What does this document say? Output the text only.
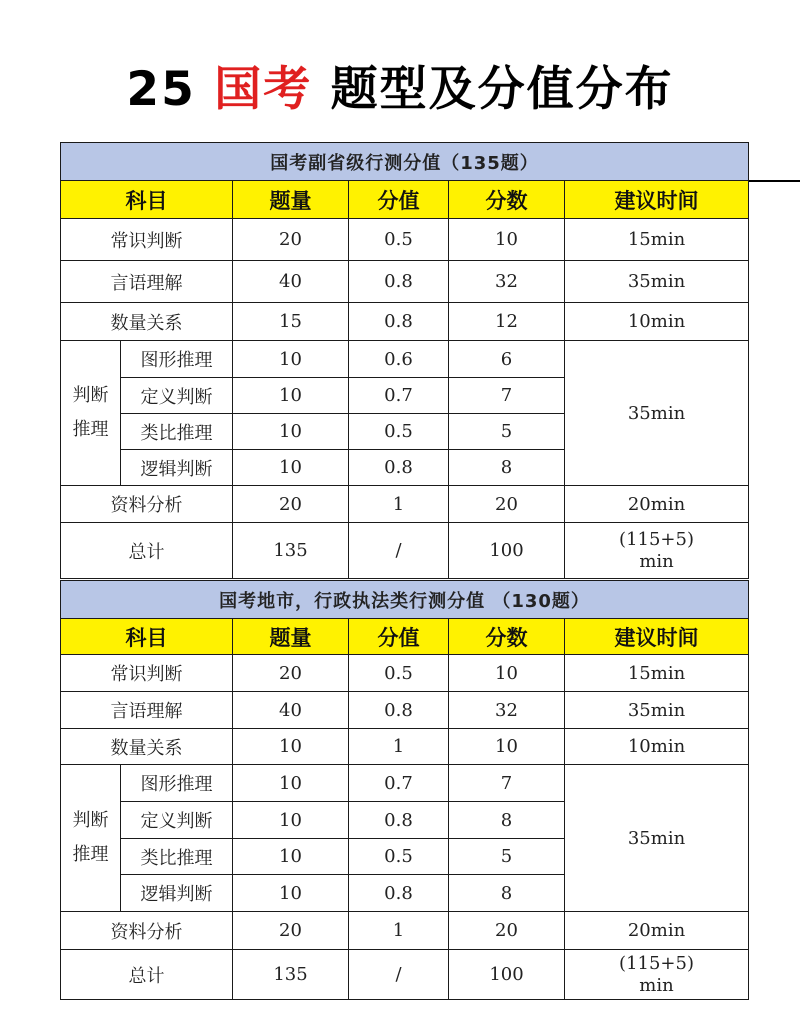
25 国考 题型及分值分布
国考副省级行测分值（135题）					
科目		题量	分值	分数	建议时间
常识判断		20	0.5	10	15min
言语理解		40	0.8	32	35min
数量关系		15	0.8	12	10min

判断
推理	图形推理	10	0.6	6	35min
	定义判断	10	0.7	7	
	类比推理	10	0.5	5	
	逻辑判断	10	0.8	8	
资料分析		20	1	20	20min
总计		135	/	100	(115+5)
min
国考地市，行政执法类行测分值 （130题）					
科目		题量	分值	分数	建议时间
常识判断		20	0.5	10	15min
言语理解		40	0.8	32	35min
数量关系		10	1	10	10min

判断
推理	图形推理	10	0.7	7	35min
	定义判断	10	0.8	8	
	类比推理	10	0.5	5	
	逻辑判断	10	0.8	8	
资料分析		20	1	20	20min
总计		135	/	100	(115+5)
min
